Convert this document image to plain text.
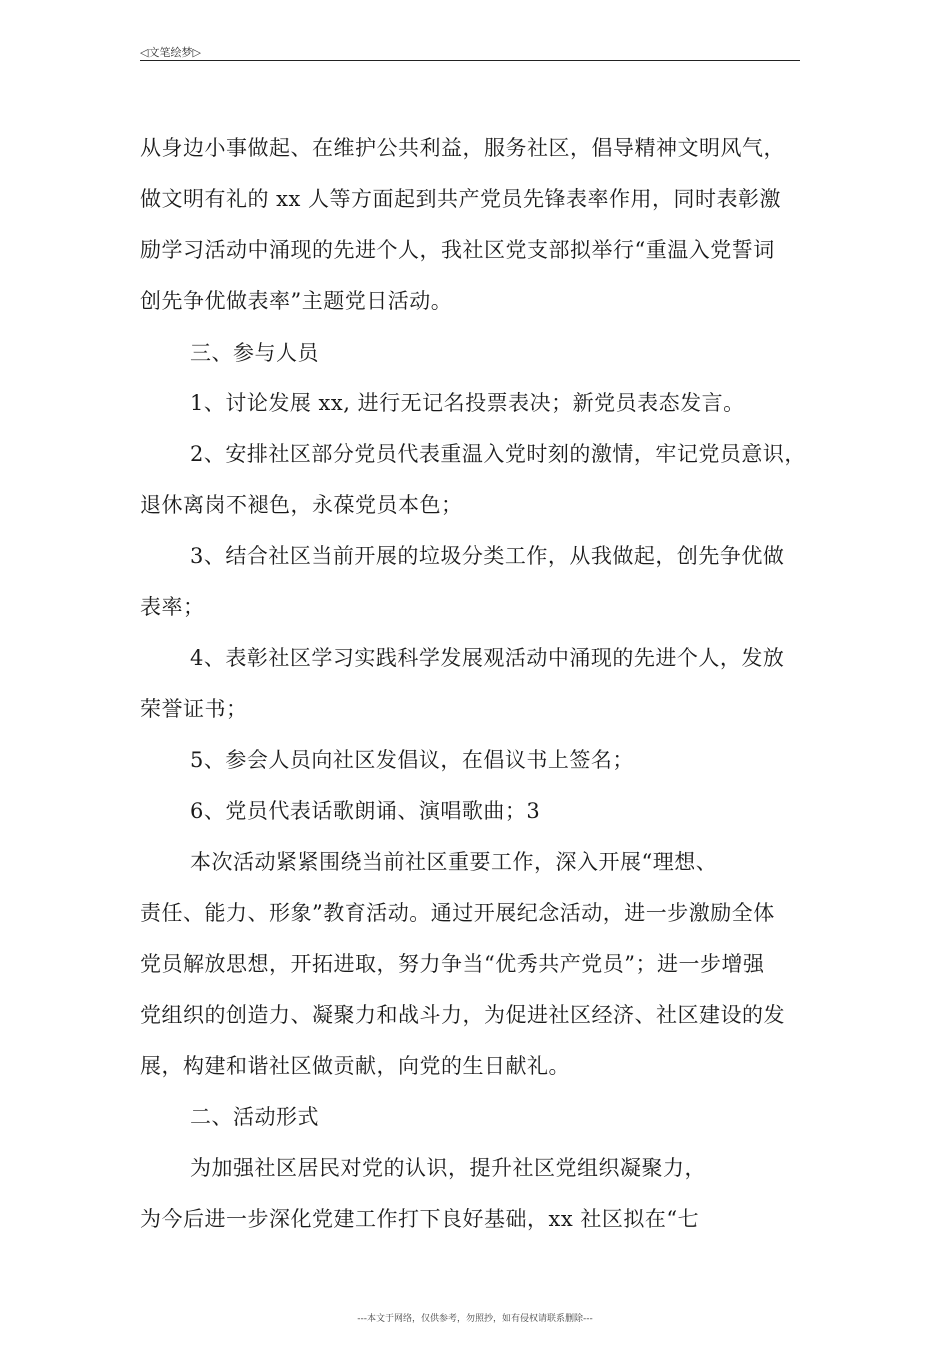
◁文笔绘梦▷

从身边小事做起、在维护公共利益，服务社区，倡导精神文明风气，

做文明有礼的 xx 人等方面起到共产党员先锋表率作用，同时表彰激

励学习活动中涌现的先进个人，我社区党支部拟举行“重温入党誓词

创先争优做表率”主题党日活动。

三、参与人员

1、讨论发展 xx, 进行无记名投票表决；新党员表态发言。

2、安排社区部分党员代表重温入党时刻的激情，牢记党员意识，

退休离岗不褪色，永葆党员本色；

3、结合社区当前开展的垃圾分类工作，从我做起，创先争优做

表率；

4、表彰社区学习实践科学发展观活动中涌现的先进个人，发放

荣誉证书；

5、参会人员向社区发倡议，在倡议书上签名；

6、党员代表话歌朗诵、演唱歌曲；3

本次活动紧紧围绕当前社区重要工作，深入开展“理想、

责任、能力、形象”教育活动。通过开展纪念活动，进一步激励全体

党员解放思想，开拓进取，努力争当“优秀共产党员”；进一步增强

党组织的创造力、凝聚力和战斗力，为促进社区经济、社区建设的发

展，构建和谐社区做贡献，向党的生日献礼。

二、活动形式

为加强社区居民对党的认识，提升社区党组织凝聚力，

为今后进一步深化党建工作打下良好基础，xx 社区拟在“七

---本文于网络，仅供参考，勿照抄，如有侵权请联系删除---
